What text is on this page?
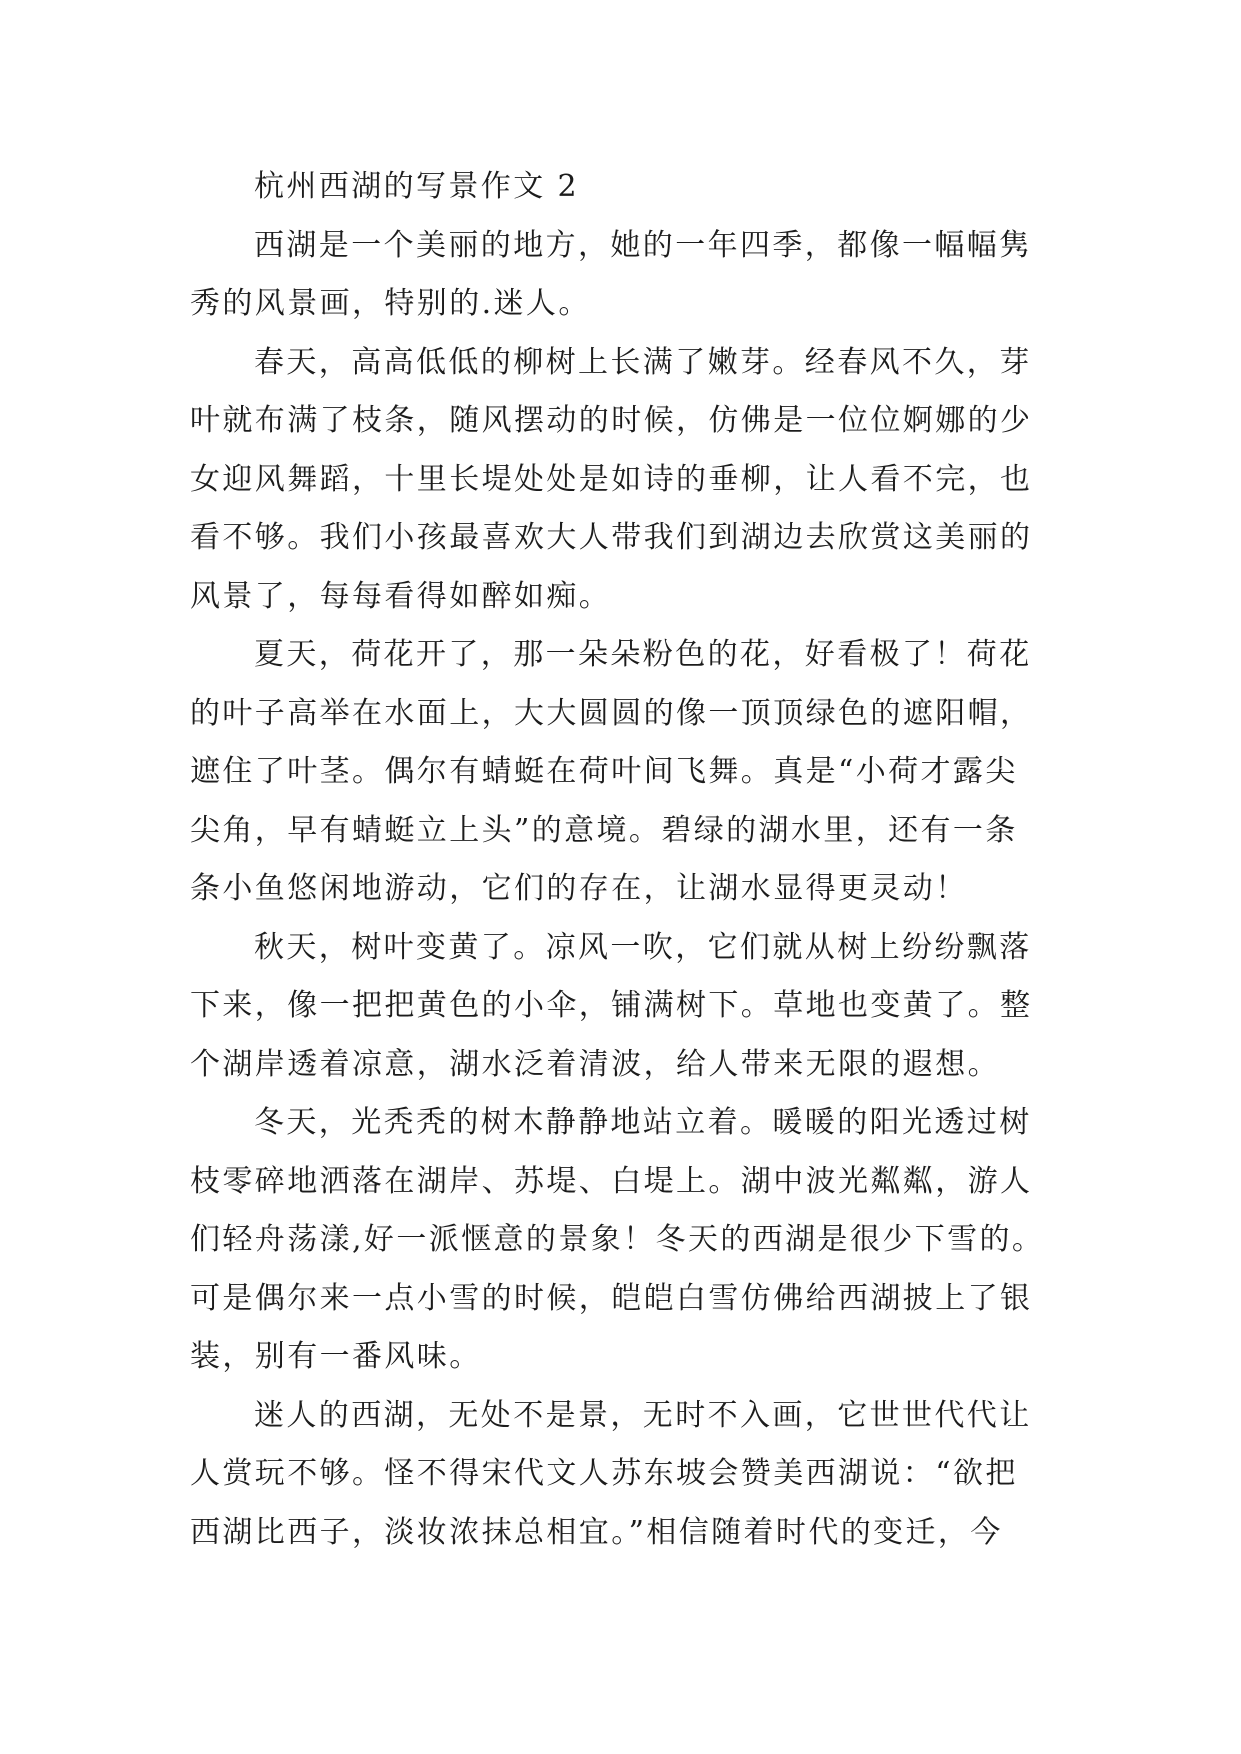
杭州西湖的写景作文 2

西湖是一个美丽的地方，她的一年四季，都像一幅幅隽
秀的风景画，特别的.迷人。

春天，高高低低的柳树上长满了嫩芽。经春风不久，芽
叶就布满了枝条，随风摆动的时候，仿佛是一位位婀娜的少
女迎风舞蹈，十里长堤处处是如诗的垂柳，让人看不完，也
看不够。我们小孩最喜欢大人带我们到湖边去欣赏这美丽的
风景了，每每看得如醉如痴。

夏天，荷花开了，那一朵朵粉色的花，好看极了！荷花
的叶子高举在水面上，大大圆圆的像一顶顶绿色的遮阳帽，
遮住了叶茎。偶尔有蜻蜓在荷叶间飞舞。真是“小荷才露尖
尖角，早有蜻蜓立上头”的意境。碧绿的湖水里，还有一条
条小鱼悠闲地游动，它们的存在，让湖水显得更灵动！

秋天，树叶变黄了。凉风一吹，它们就从树上纷纷飘落
下来，像一把把黄色的小伞，铺满树下。草地也变黄了。整
个湖岸透着凉意，湖水泛着清波，给人带来无限的遐想。

冬天，光秃秃的树木静静地站立着。暖暖的阳光透过树
枝零碎地洒落在湖岸、苏堤、白堤上。湖中波光粼粼，游人
们轻舟荡漾,好一派惬意的景象！冬天的西湖是很少下雪的。
可是偶尔来一点小雪的时候，皑皑白雪仿佛给西湖披上了银
装，别有一番风味。

迷人的西湖，无处不是景，无时不入画，它世世代代让
人赏玩不够。怪不得宋代文人苏东坡会赞美西湖说：“欲把
西湖比西子，淡妆浓抹总相宜。”相信随着时代的变迁，今
